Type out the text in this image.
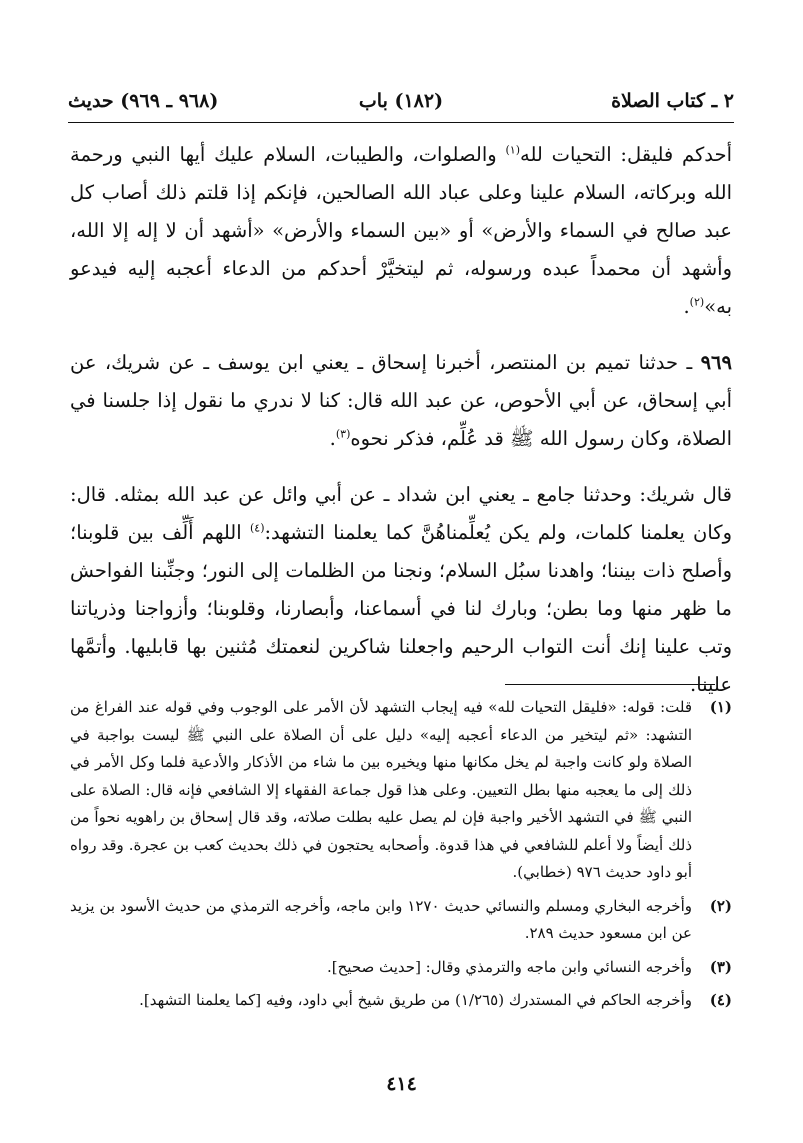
٢ ـ كتاب الصلاة
(١٨٢) باب
(٩٦٨ ـ ٩٦٩) حديث

أحدكم فليقل: التحيات لله$^{(١)}$ والصلوات، والطيبات، السلام عليك أيها النبي ورحمة الله وبركاته، السلام علينا وعلى عباد الله الصالحين، فإنكم إذا قلتم ذلك أصاب كل عبد صالح في السماء والأرض» أو «بين السماء والأرض» «أشهد أن لا إله إلا الله، وأشهد أن محمداً عبده ورسوله، ثم ليتخيَّرْ أحدكم من الدعاء أعجبه إليه فيدعو به»$^{(٢)}$.

٩٦٩ ـ حدثنا تميم بن المنتصر، أخبرنا إسحاق ـ يعني ابن يوسف ـ عن شريك، عن أبي إسحاق، عن أبي الأحوص، عن عبد الله قال: كنا لا ندري ما نقول إذا جلسنا في الصلاة، وكان رسول الله ﷺ قد عُلِّم، فذكر نحوه$^{(٣)}$.

قال شريك: وحدثنا جامع ـ يعني ابن شداد ـ عن أبي وائل عن عبد الله بمثله. قال: وكان يعلمنا كلمات، ولم يكن يُعلِّمناهُنَّ كما يعلمنا التشهد:$^{(٤)}$ اللهم أَلِّف بين قلوبنا؛ وأصلح ذات بيننا؛ واهدنا سبُل السلام؛ ونجنا من الظلمات إلى النور؛ وجنِّبنا الفواحش ما ظهر منها وما بطن؛ وبارك لنا في أسماعنا، وأبصارنا، وقلوبنا؛ وأزواجنا وذرياتنا وتب علينا إنك أنت التواب الرحيم واجعلنا شاكرين لنعمتك مُثنين بها قابليها. وأتمَّها علينا.

(١)
قلت: قوله: «فليقل التحيات لله» فيه إيجاب التشهد لأن الأمر على الوجوب وفي قوله عند الفراغ من التشهد: «ثم ليتخير من الدعاء أعجبه إليه» دليل على أن الصلاة على النبي ﷺ ليست بواجبة في الصلاة ولو كانت واجبة لم يخل مكانها منها ويخيره بين ما شاء من الأذكار والأدعية فلما وكل الأمر في ذلك إلى ما يعجبه منها بطل التعيين. وعلى هذا قول جماعة الفقهاء إلا الشافعي فإنه قال: الصلاة على النبي ﷺ في التشهد الأخير واجبة فإن لم يصل عليه بطلت صلاته، وقد قال إسحاق بن راهويه نحواً من ذلك أيضاً ولا أعلم للشافعي في هذا قدوة. وأصحابه يحتجون في ذلك بحديث كعب بن عجرة. وقد رواه أبو داود حديث ٩٧٦ (خطابي).
(٢)
وأخرجه البخاري ومسلم والنسائي حديث ١٢٧٠ وابن ماجه، وأخرجه الترمذي من حديث الأسود بن يزيد عن ابن مسعود حديث ٢٨٩.
(٣)
وأخرجه النسائي وابن ماجه والترمذي وقال: [حديث صحيح].
(٤)
وأخرجه الحاكم في المستدرك (١/٢٦٥) من طريق شيخ أبي داود، وفيه [كما يعلمنا التشهد].
٤١٤
